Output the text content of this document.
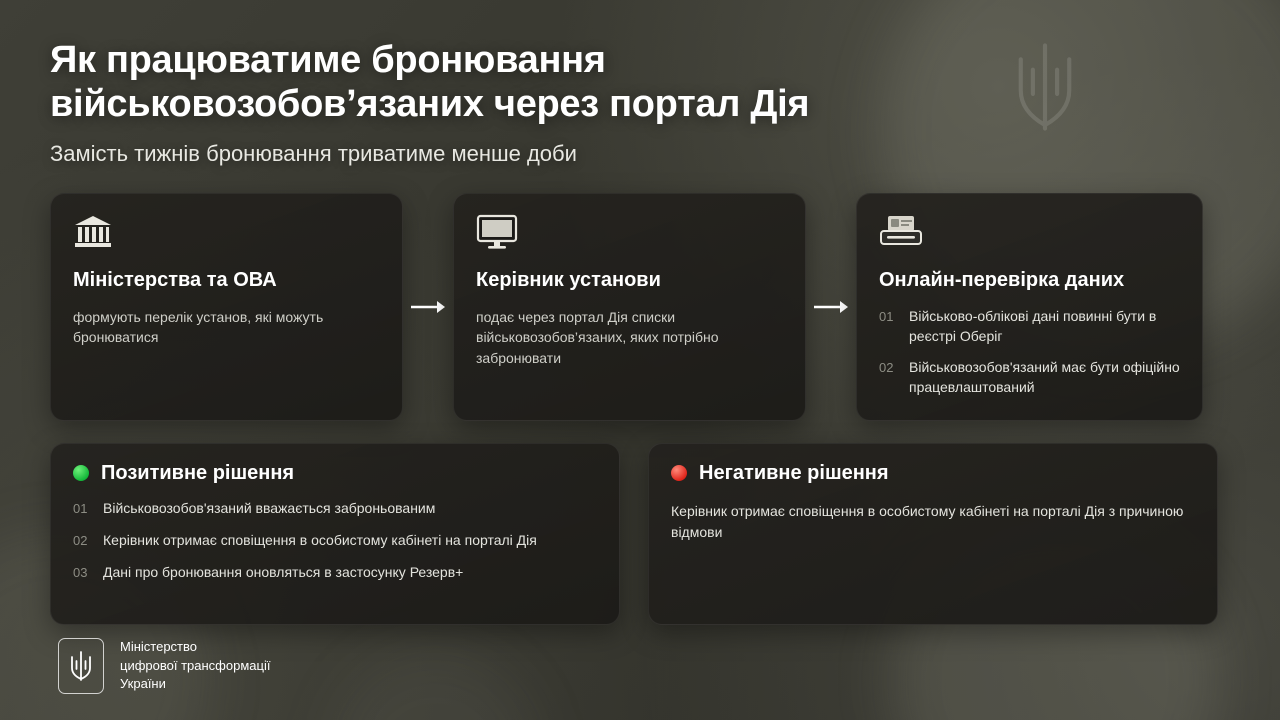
Як працюватиме бронювання військовозобов’язаних через портал Дія
Замість тижнів бронювання триватиме менше доби
Міністерства та ОВА
формують перелік установ, які можуть бронюватися
Керівник установи
подає через портал Дія списки військовозобов’язаних, яких потрібно забронювати
Онлайн-перевірка даних
01 Військово-облікові дані повинні бути в реєстрі Оберіг
02 Військовозобов'язаний має бути офіційно працевлаштований
Позитивне рішення
01 Військовозобов'язаний вважається заброньованим
02 Керівник отримає сповіщення в особистому кабінеті на порталі Дія
03 Дані про бронювання оновляться в застосунку Резерв+
Негативне рішення
Керівник отримає сповіщення в особистому кабінеті на порталі Дія з причиною відмови
Міністерство
цифрової трансформації
України
